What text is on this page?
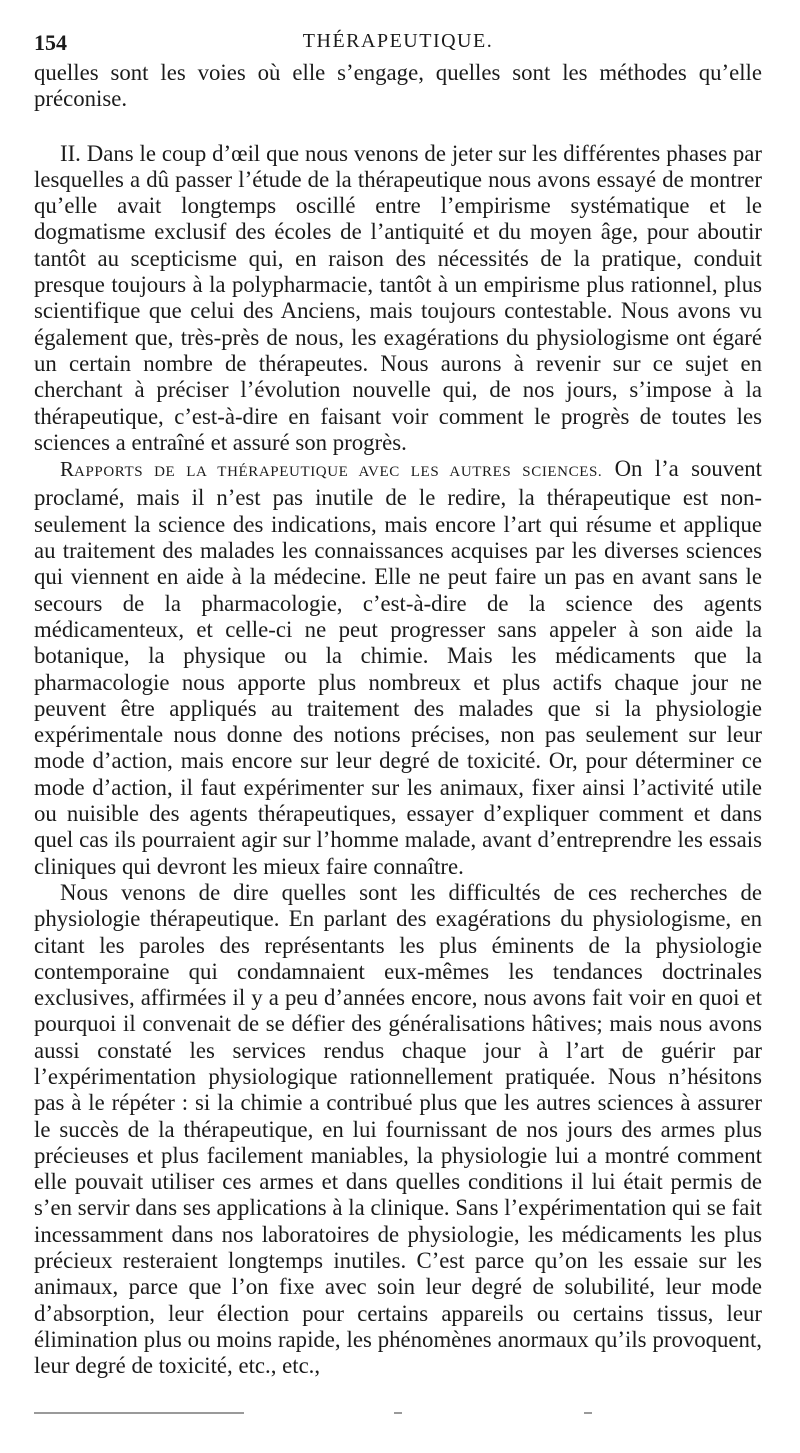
154	THÉRAPEUTIQUE.

quelles sont les voies où elle s’engage, quelles sont les méthodes qu’elle préconise.

II. Dans le coup d’œil que nous venons de jeter sur les différentes phases par lesquelles a dû passer l’étude de la thérapeutique nous avons essayé de montrer qu’elle avait longtemps oscillé entre l’empirisme systématique et le dogmatisme exclusif des écoles de l’antiquité et du moyen âge, pour aboutir tantôt au scepticisme qui, en raison des nécessités de la pratique, conduit presque toujours à la polypharmacie, tantôt à un empirisme plus rationnel, plus scientifique que celui des Anciens, mais toujours contestable. Nous avons vu également que, très-près de nous, les exagérations du physiologisme ont égaré un certain nombre de thérapeutes. Nous aurons à revenir sur ce sujet en cherchant à préciser l’évolution nouvelle qui, de nos jours, s’impose à la thérapeutique, c’est-à-dire en faisant voir comment le progrès de toutes les sciences a entraîné et assuré son progrès.

RAPPORTS DE LA THÉRAPEUTIQUE AVEC LES AUTRES SCIENCES. On l’a souvent proclamé, mais il n’est pas inutile de le redire, la thérapeutique est non-seulement la science des indications, mais encore l’art qui résume et applique au traitement des malades les connaissances acquises par les diverses sciences qui viennent en aide à la médecine. Elle ne peut faire un pas en avant sans le secours de la pharmacologie, c’est-à-dire de la science des agents médicamenteux, et celle-ci ne peut progresser sans appeler à son aide la botanique, la physique ou la chimie. Mais les médicaments que la pharmacologie nous apporte plus nombreux et plus actifs chaque jour ne peuvent être appliqués au traitement des malades que si la physiologie expérimentale nous donne des notions précises, non pas seulement sur leur mode d’action, mais encore sur leur degré de toxicité. Or, pour déterminer ce mode d’action, il faut expérimenter sur les animaux, fixer ainsi l’activité utile ou nuisible des agents thérapeutiques, essayer d’expliquer comment et dans quel cas ils pourraient agir sur l’homme malade, avant d’entreprendre les essais cliniques qui devront les mieux faire connaître.

Nous venons de dire quelles sont les difficultés de ces recherches de physiologie thérapeutique. En parlant des exagérations du physiologisme, en citant les paroles des représentants les plus éminents de la physiologie contemporaine qui condamnaient eux-mêmes les tendances doctrinales exclusives, affirmées il y a peu d’années encore, nous avons fait voir en quoi et pourquoi il convenait de se défier des généralisations hâtives; mais nous avons aussi constaté les services rendus chaque jour à l’art de guérir par l’expérimentation physiologique rationnellement pratiquée. Nous n’hésitons pas à le répéter : si la chimie a contribué plus que les autres sciences à assurer le succès de la thérapeutique, en lui fournissant de nos jours des armes plus précieuses et plus facilement maniables, la physiologie lui a montré comment elle pouvait utiliser ces armes et dans quelles conditions il lui était permis de s’en servir dans ses applications à la clinique. Sans l’expérimentation qui se fait incessamment dans nos laboratoires de physiologie, les médicaments les plus précieux resteraient longtemps inutiles. C’est parce qu’on les essaie sur les animaux, parce que l’on fixe avec soin leur degré de solubilité, leur mode d’absorption, leur élection pour certains appareils ou certains tissus, leur élimination plus ou moins rapide, les phénomènes anormaux qu’ils provoquent, leur degré de toxicité, etc., etc.,
